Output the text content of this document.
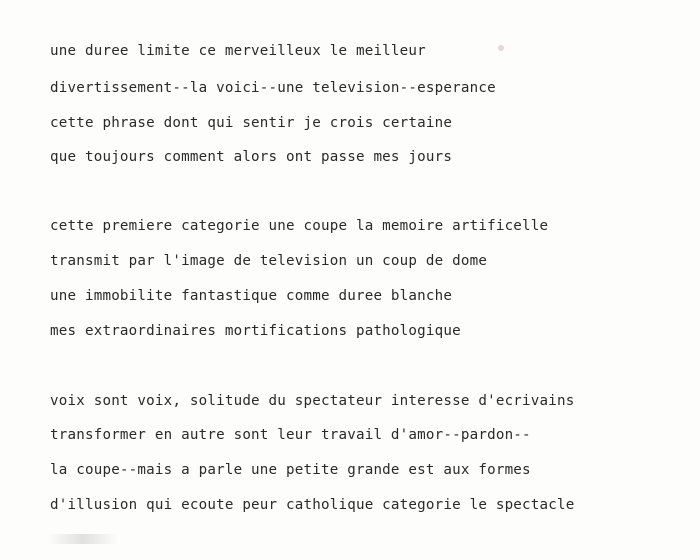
une duree limite ce merveilleux le meilleur

divertissement--la voici--une television--esperance

cette phrase dont qui sentir je crois certaine

que toujours comment alors ont passe mes jours

cette premiere categorie une coupe la memoire artificelle

transmit par l'image de television un coup de dome

une immobilite fantastique comme duree blanche

mes extraordinaires mortifications pathologique

voix sont voix, solitude du spectateur interesse d'ecrivains

transformer en autre sont leur travail d'amor--pardon--

la coupe--mais a parle une petite grande est aux formes

d'illusion qui ecoute peur catholique categorie le spectacle
